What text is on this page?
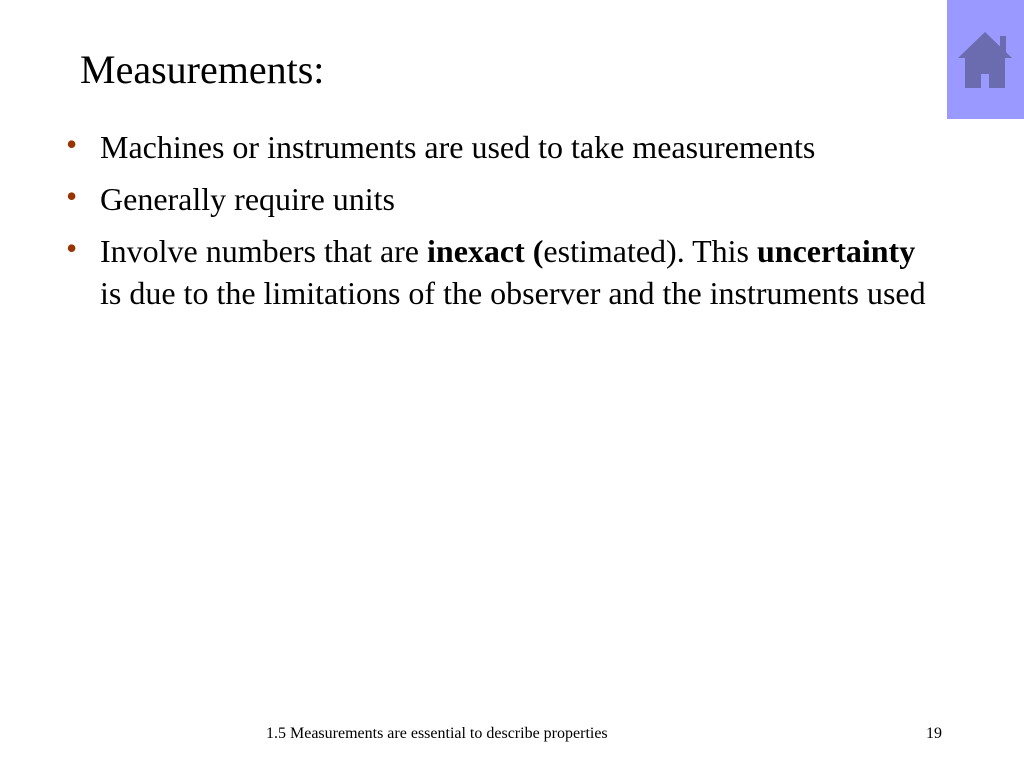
Measurements:
• Machines or instruments are used to take measurements
• Generally require units
• Involve numbers that are inexact (estimated). This uncertainty is due to the limitations of the observer and the instruments used
1.5 Measurements are essential to describe properties	19
